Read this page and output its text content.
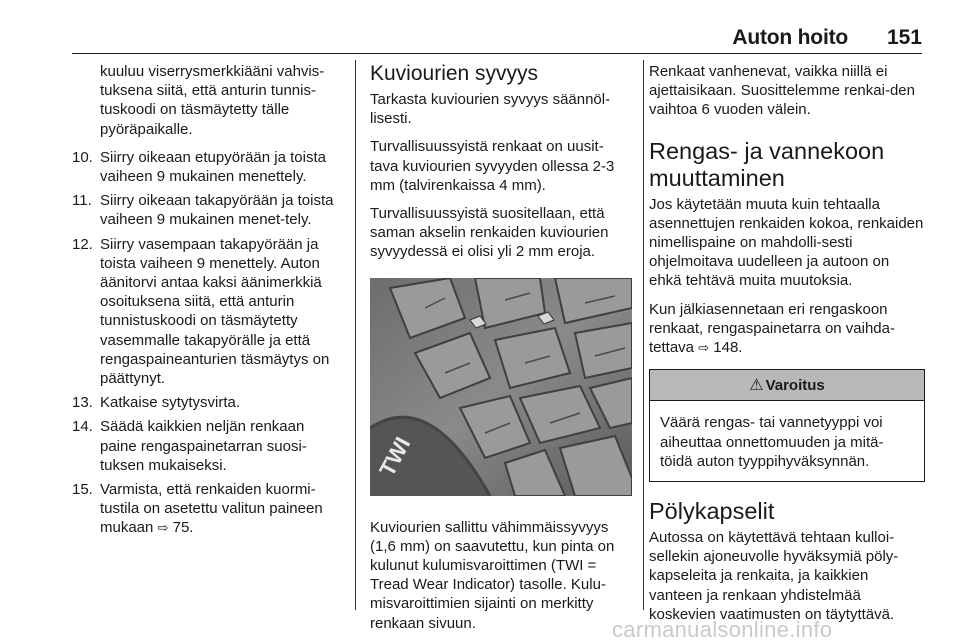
Auton hoito 151

kuuluu viserrysmerkkiääni vahvis-tuksena siitä, että anturin tunnis-tuskoodi on täsmäytetty tälle pyöräpaikalle.

10. Siirry oikeaan etupyörään ja toista vaiheen 9 mukainen menettely.
11. Siirry oikeaan takapyörään ja toista vaiheen 9 mukainen menet-tely.
12. Siirry vasempaan takapyörään ja toista vaiheen 9 menettely. Auton äänitorvi antaa kaksi äänimerkkiä osoituksena siitä, että anturin tunnistuskoodi on täsmäytetty vasemmalle takapyörälle ja että rengaspaineanturien täsmäytys on päättynyt.
13. Katkaise sytytysvirta.
14. Säädä kaikkien neljän renkaan paine rengaspainetarran suosi-tuksen mukaiseksi.
15. Varmista, että renkaiden kuormi-tustila on asetettu valitun paineen mukaan ⇨ 75.
Kuviourien syvyys

Tarkasta kuviourien syvyys säännöl-lisesti.

Turvallisuussyistä renkaat on uusit-tava kuviourien syvyyden ollessa 2-3 mm (talvirenkaissa 4 mm).

Turvallisuussyistä suositellaan, että saman akselin renkaiden kuviourien syvyydessä ei olisi yli 2 mm eroja.

TWI

Kuviourien sallittu vähimmäissyvyys (1,6 mm) on saavutettu, kun pinta on kulunut kulumisvaroittimen (TWI = Tread Wear Indicator) tasolle. Kulu-misvaroittimien sijainti on merkitty renkaan sivuun.

Renkaat vanhenevat, vaikka niillä ei ajettaisikaan. Suosittelemme renkai-den vaihtoa 6 vuoden välein.

Rengas- ja vannekoon muuttaminen

Jos käytetään muuta kuin tehtaalla asennettujen renkaiden kokoa, renkaiden nimellispaine on mahdolli-sesti ohjelmoitava uudelleen ja autoon on ehkä tehtävä muita muutoksia.

Kun jälkiasennetaan eri rengaskoon renkaat, rengaspainetarra on vaihda-tettava ⇨ 148.

⚠ Varoitus
Väärä rengas- tai vannetyyppi voi aiheuttaa onnettomuuden ja mitä-töidä auton tyyppihyväksynnän.
Pölykapselit

Autossa on käytettävä tehtaan kulloi-sellekin ajoneuvolle hyväksymiä pöly-kapseleita ja renkaita, ja kaikkien vanteen ja renkaan yhdistelmää koskevien vaatimusten on täytyttävä.

carmanualsonline.info
